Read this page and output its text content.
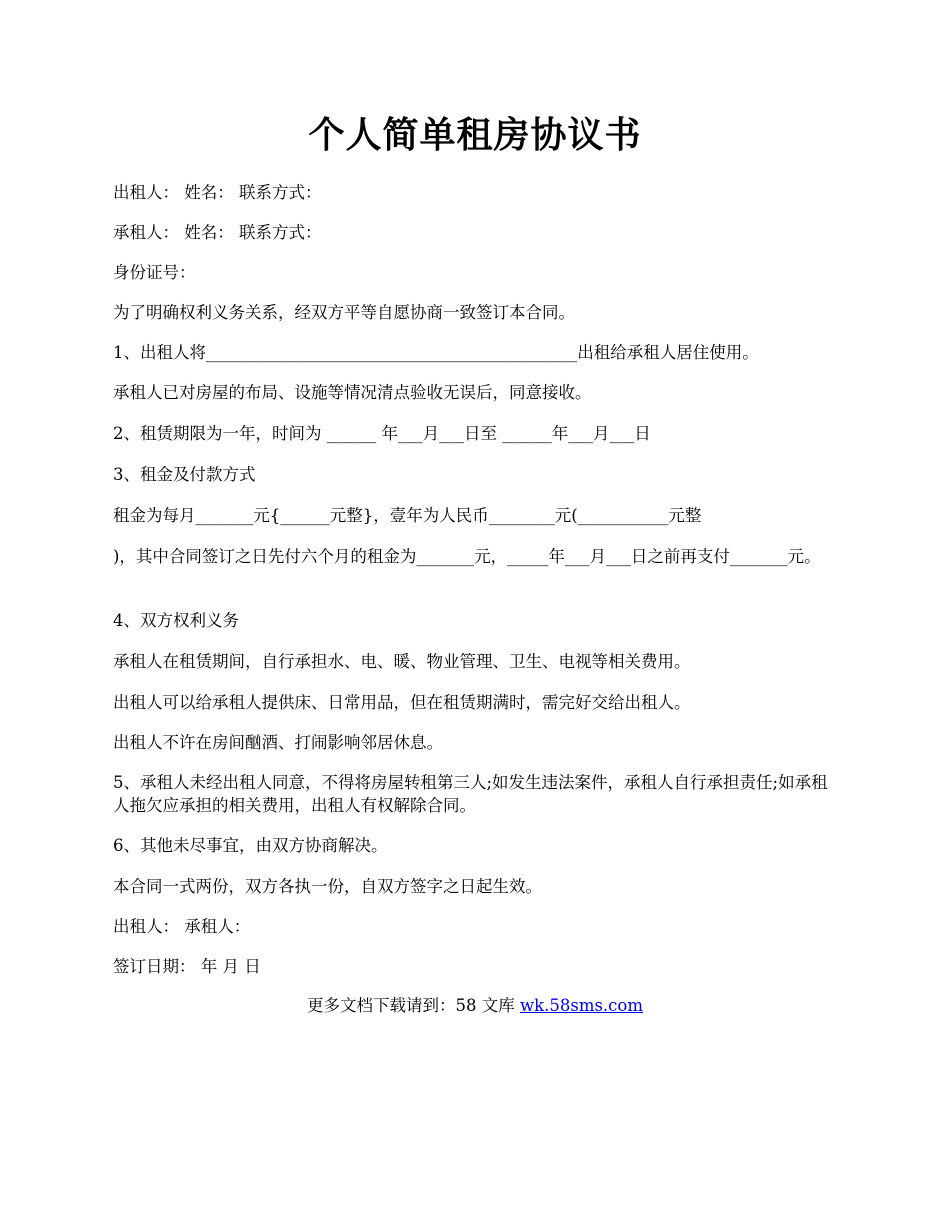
个人简单租房协议书
出租人： 姓名： 联系方式：
承租人： 姓名： 联系方式：
身份证号：
为了明确权利义务关系，经双方平等自愿协商一致签订本合同。
1、出租人将_____________________________________________出租给承租人居住使用。
承租人已对房屋的布局、设施等情况清点验收无误后，同意接收。
2、租赁期限为一年，时间为 ______ 年___月___日至 ______年___月___日
3、租金及付款方式
租金为每月_______元{______元整}，壹年为人民币________元(___________元整
)，其中合同签订之日先付六个月的租金为_______元，_____年___月___日之前再支付_______元。
4、双方权利义务
承租人在租赁期间，自行承担水、电、暖、物业管理、卫生、电视等相关费用。
出租人可以给承租人提供床、日常用品，但在租赁期满时，需完好交给出租人。
出租人不许在房间酗酒、打闹影响邻居休息。
5、承租人未经出租人同意，不得将房屋转租第三人;如发生违法案件，承租人自行承担责任;如承租人拖欠应承担的相关费用，出租人有权解除合同。
6、其他未尽事宜，由双方协商解决。
本合同一式两份，双方各执一份，自双方签字之日起生效。
出租人： 承租人：
签订日期： 年 月 日
更多文档下载请到：58 文库 wk.58sms.com
